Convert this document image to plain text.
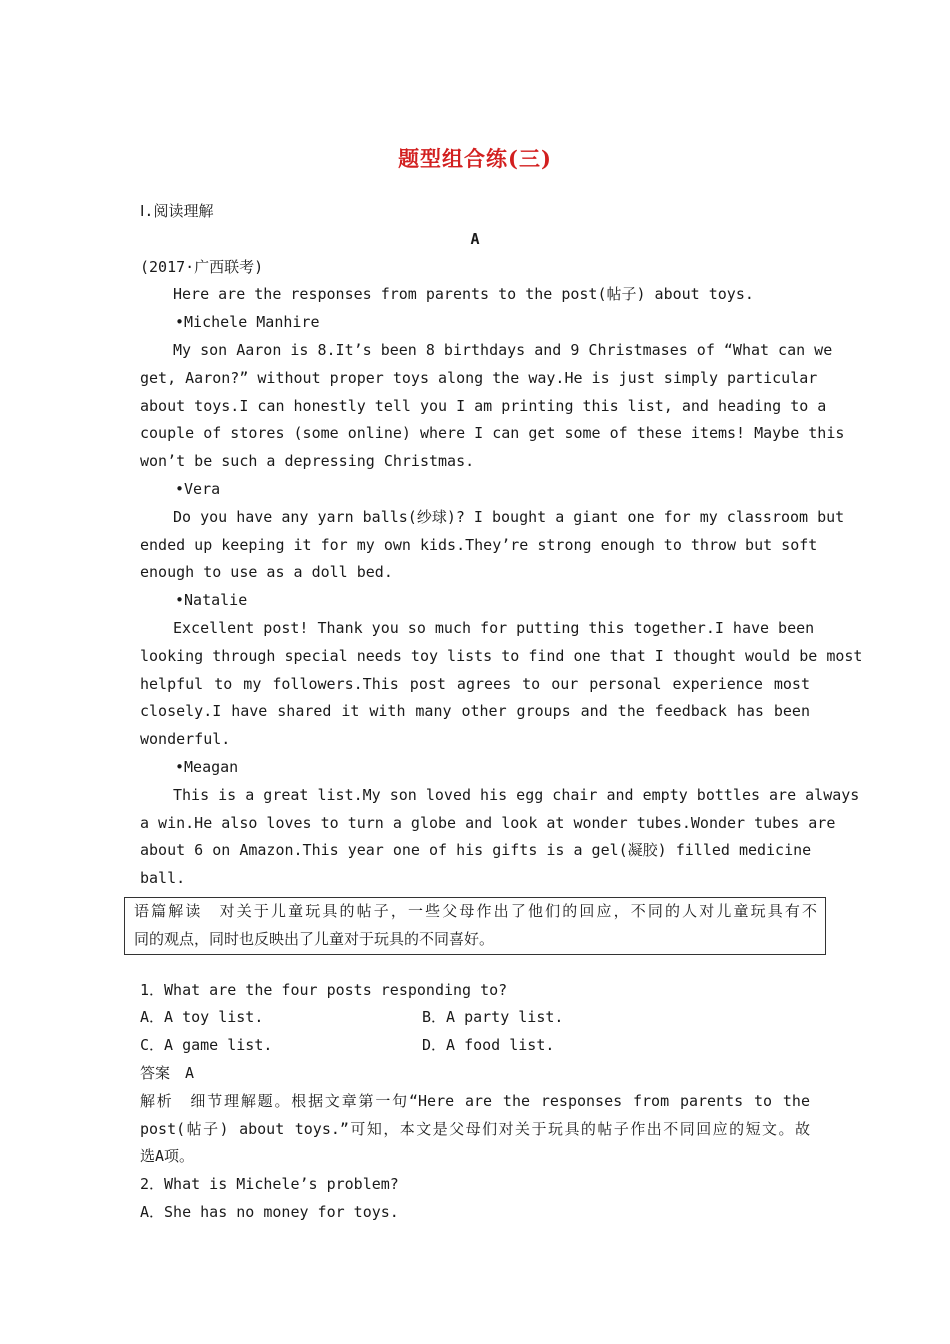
题型组合练(三)
Ⅰ.阅读理解
A
(2017·广西联考)
Here are the responses from parents to the post(帖子) about toys.
•Michele Manhire
My son Aaron is 8.It’s been 8 birthdays and 9 Christmases of “What can we
get, Aaron?” without proper toys along the way.He is just simply particular
about toys.I can honestly tell you I am printing this list, and heading to a
couple of stores (some online) where I can get some of these items! Maybe this
won’t be such a depressing Christmas.
•Vera
Do you have any yarn balls(纱球)? I bought a giant one for my classroom but
ended up keeping it for my own kids.They’re strong enough to throw but soft
enough to use as a doll bed.
•Natalie
Excellent post! Thank you so much for putting this together.I have been
looking through special needs toy lists to find one that I thought would be most
helpful to my followers.This post agrees to our personal experience most
closely.I have shared it with many other groups and the feedback has been
wonderful.
•Meagan
This is a great list.My son loved his egg chair and empty bottles are always
a win.He also loves to turn a globe and look at wonder tubes.Wonder tubes are
about 6 on Amazon.This year one of his gifts is a gel(凝胶) filled medicine
ball.
语篇解读　对关于儿童玩具的帖子，一些父母作出了他们的回应，不同的人对儿童玩具有不
同的观点，同时也反映出了儿童对于玩具的不同喜好。
1．What are the four posts responding to?
A．A toy list.	B．A party list.
C．A game list.	D．A food list.
答案　A
解析　细节理解题。根据文章第一句“Here are the responses from parents to the
post(帖子) about toys.”可知，本文是父母们对关于玩具的帖子作出不同回应的短文。故
选A项。
2．What is Michele’s problem?
A．She has no money for toys.
